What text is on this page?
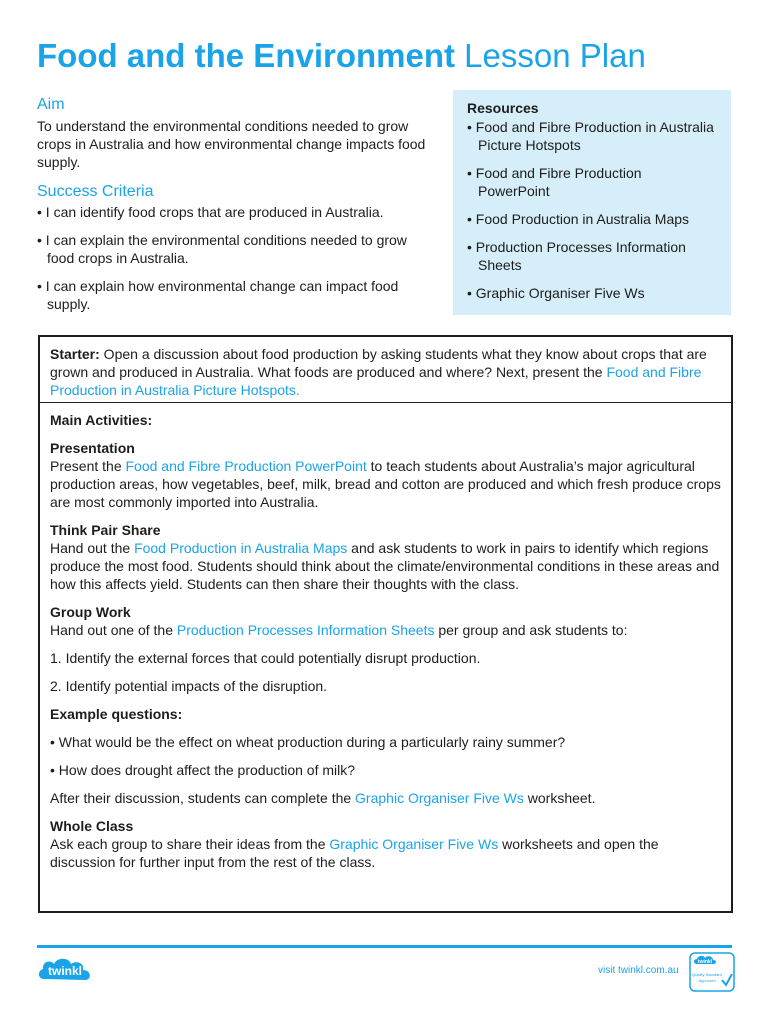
Food and the Environment Lesson Plan
Aim
To understand the environmental conditions needed to grow crops in Australia and how environmental change impacts food supply.
Success Criteria
• I can identify food crops that are produced in Australia.
• I can explain the environmental conditions needed to grow food crops in Australia.
• I can explain how environmental change can impact food supply.
Resources
• Food and Fibre Production in Australia Picture Hotspots
• Food and Fibre Production PowerPoint
• Food Production in Australia Maps
• Production Processes Information Sheets
• Graphic Organiser Five Ws
Starter: Open a discussion about food production by asking students what they know about crops that are grown and produced in Australia. What foods are produced and where? Next, present the Food and Fibre Production in Australia Picture Hotspots.
Main Activities:
Presentation
Present the Food and Fibre Production PowerPoint to teach students about Australia’s major agricultural production areas, how vegetables, beef, milk, bread and cotton are produced and which fresh produce crops are most commonly imported into Australia.
Think Pair Share
Hand out the Food Production in Australia Maps and ask students to work in pairs to identify which regions produce the most food. Students should think about the climate/environmental conditions in these areas and how this affects yield. Students can then share their thoughts with the class.
Group Work
Hand out one of the Production Processes Information Sheets per group and ask students to:
1. Identify the external forces that could potentially disrupt production.
2. Identify potential impacts of the disruption.
Example questions:
• What would be the effect on wheat production during a particularly rainy summer?
• How does drought affect the production of milk?
After their discussion, students can complete the Graphic Organiser Five Ws worksheet.
Whole Class
Ask each group to share their ideas from the Graphic Organiser Five Ws worksheets and open the discussion for further input from the rest of the class.
twinkl	visit twinkl.com.au
twinkl
Quality Standard
Approved
